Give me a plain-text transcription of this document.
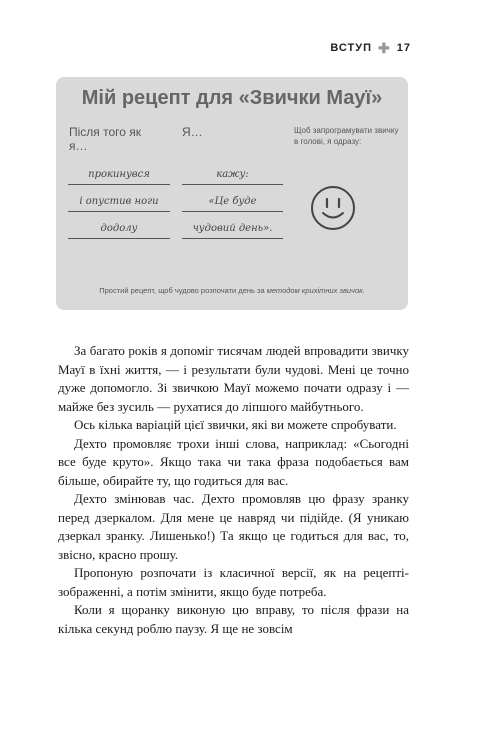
ВСТУП ✚ 17
Мій рецепт для «Звички Мауї»
Після того як я…
Я…	Щоб запрограмувати звичку в голові, я одразу:
прокинувся
і опустив ноги
додолу
кажу:
«Це буде
чудовий день».
Простий рецепт, щоб чудово розпочати день за методом крихітних звичок.

За багато років я допоміг тисячам людей впровадити звичку Мауї в їхні життя, — і результати були чудові. Мені це точно дуже допомогло. Зі звичкою Мауї можемо почати одразу і — майже без зусиль — рухатися до ліпшого майбутнього.

Ось кілька варіацій цієї звички, які ви можете спробувати.

Дехто промовляє трохи інші слова, наприклад: «Сьогодні все буде круто». Якщо така чи така фраза подобається вам більше, обирайте ту, що годиться для вас.

Дехто змінював час. Дехто промовляв цю фразу зранку перед дзеркалом. Для мене це навряд чи підійде. (Я уникаю дзеркал зранку. Лишенько!) Та якщо це годиться для вас, то, звісно, красно прошу.

Пропоную розпочати із класичної версії, як на рецепті-зображенні, а потім змінити, якщо буде потреба.

Коли я щоранку виконую цю вправу, то після фрази на кілька секунд роблю паузу. Я ще не зовсім
